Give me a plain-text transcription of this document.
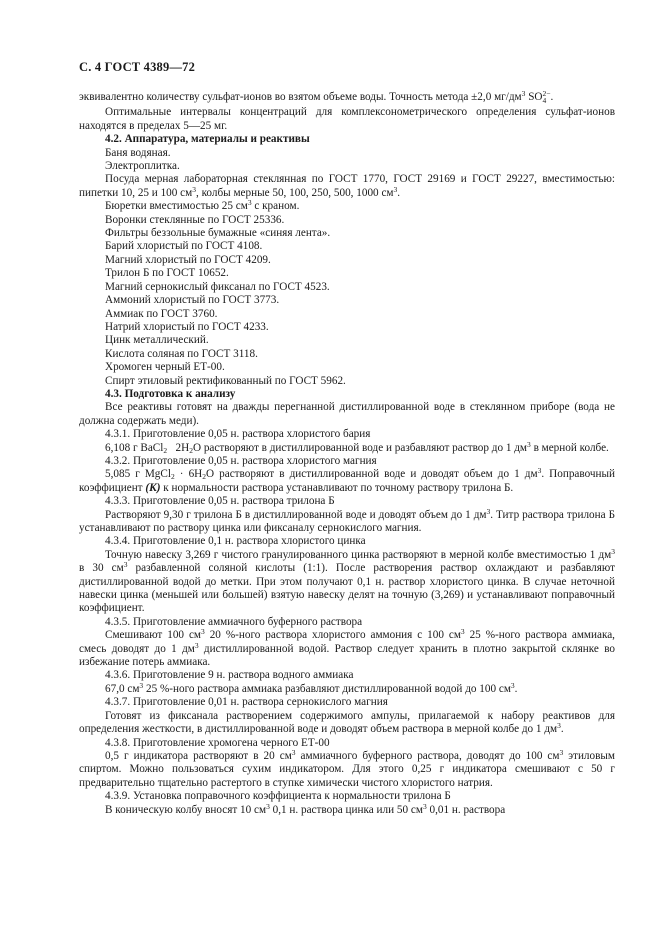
С. 4 ГОСТ 4389—72

эквивалентно количеству сульфат-ионов во взятом объеме воды. Точность метода ±2,0 $мг/дм^3$ SO 2−
4 .

Оптимальные интервалы концентраций для комплексонометрического определения сульфат-ионов находятся в пределах 5—25 мг.

4.2. Аппаратура, материалы и реактивы

Баня водяная.

Электроплитка.

Посуда мерная лабораторная стеклянная по ГОСТ 1770, ГОСТ 29169 и ГОСТ 29227, вместимостью: пипетки 10, 25 и 100 $см^3$, колбы мерные 50, 100, 250, 500, 1000 $см^3$.

Бюретки вместимостью 25 $см^3$ с краном.

Воронки стеклянные по ГОСТ 25336.

Фильтры беззольные бумажные «синяя лента».

Барий хлористый по ГОСТ 4108.

Магний хлористый по ГОСТ 4209.

Трилон Б по ГОСТ 10652.

Магний сернокислый фиксанал по ГОСТ 4523.

Аммоний хлористый по ГОСТ 3773.

Аммиак по ГОСТ 3760.

Натрий хлористый по ГОСТ 4233.

Цинк металлический.

Кислота соляная по ГОСТ 3118.

Хромоген черный ЕТ-00.

Спирт этиловый ректификованный по ГОСТ 5962.

4.3. Подготовка к анализу

Все реактивы готовят на дважды перегнанной дистиллированной воде в стеклянном приборе (вода не должна содержать меди).

4.3.1. Приготовление 0,05 н. раствора хлористого бария

6,108 г BaCl$_2$ $2H_2O$ растворяют в дистиллированной воде и разбавляют раствор до 1 $дм^3$ в мерной колбе.

4.3.2. Приготовление 0,05 н. раствора хлористого магния

5,085 г MgCl$_2$ · $6H_2O$ растворяют в дистиллированной воде и доводят объем до 1 $дм^3$. Поправочный коэффициент (К) к нормальности раствора устанавливают по точному раствору трилона Б.

4.3.3. Приготовление 0,05 н. раствора трилона Б

Растворяют 9,30 г трилона Б в дистиллированной воде и доводят объем до 1 $дм^3$. Титр раствора трилона Б устанавливают по раствору цинка или фиксаналу сернокислого магния.

4.3.4. Приготовление 0,1 н. раствора хлористого цинка

Точную навеску 3,269 г чистого гранулированного цинка растворяют в мерной колбе вместимостью 1 $дм^3$ в 30 $см^3$ разбавленной соляной кислоты (1:1). После растворения раствор охлаждают и разбавляют дистиллированной водой до метки. При этом получают 0,1 н. раствор хлористого цинка. В случае неточной навески цинка (меньшей или большей) взятую навеску делят на точную (3,269) и устанавливают поправочный коэффициент.

4.3.5. Приготовление аммиачного буферного раствора

Смешивают 100 $см^3$ 20 %-ного раствора хлористого аммония с 100 $см^3$ 25 %-ного раствора аммиака, смесь доводят до 1 $дм^3$ дистиллированной водой. Раствор следует хранить в плотно закрытой склянке во избежание потерь аммиака.

4.3.6. Приготовление 9 н. раствора водного аммиака

67,0 $см^3$ 25 %-ного раствора аммиака разбавляют дистиллированной водой до 100 $см^3$.

4.3.7. Приготовление 0,01 н. раствора сернокислого магния

Готовят из фиксанала растворением содержимого ампулы, прилагаемой к набору реактивов для определения жесткости, в дистиллированной воде и доводят объем раствора в мерной колбе до 1 $дм^3$.

4.3.8. Приготовление хромогена черного ЕТ-00

0,5 г индикатора растворяют в 20 $см^3$ аммиачного буферного раствора, доводят до 100 $см^3$ этиловым спиртом. Можно пользоваться сухим индикатором. Для этого 0,25 г индикатора смешивают с 50 г предварительно тщательно растертого в ступке химически чистого хлористого натрия.

4.3.9. Установка поправочного коэффициента к нормальности трилона Б

В коническую колбу вносят 10 $см^3$ 0,1 н. раствора цинка или 50 $см^3$ 0,01 н. раствора
